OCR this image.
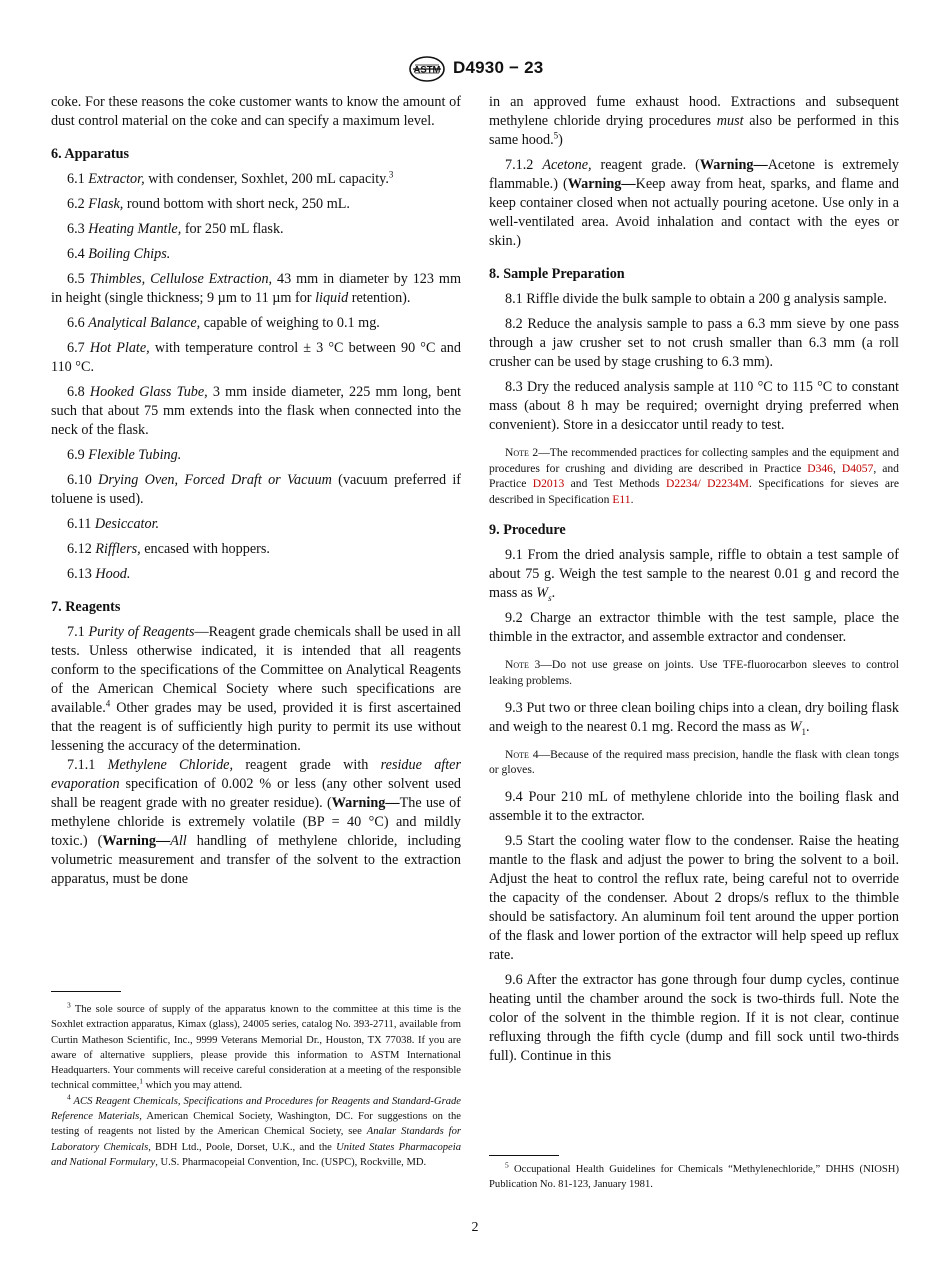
ASTM D4930 − 23

coke. For these reasons the coke customer wants to know the amount of dust control material on the coke and can specify a maximum level.

6. Apparatus

6.1 Extractor, with condenser, Soxhlet, 200 mL capacity.$^3$

6.2 Flask, round bottom with short neck, 250 mL.

6.3 Heating Mantle, for 250 mL flask.

6.4 Boiling Chips.

6.5 Thimbles, Cellulose Extraction, 43 mm in diameter by 123 mm in height (single thickness; 9 µm to 11 µm for liquid retention).

6.6 Analytical Balance, capable of weighing to 0.1 mg.

6.7 Hot Plate, with temperature control ± 3 °C between 90 °C and 110 °C.

6.8 Hooked Glass Tube, 3 mm inside diameter, 225 mm long, bent such that about 75 mm extends into the flask when connected into the neck of the flask.

6.9 Flexible Tubing.

6.10 Drying Oven, Forced Draft or Vacuum (vacuum preferred if toluene is used).

6.11 Desiccator.

6.12 Rifflers, encased with hoppers.

6.13 Hood.

7. Reagents

7.1 Purity of Reagents—Reagent grade chemicals shall be used in all tests. Unless otherwise indicated, it is intended that all reagents conform to the specifications of the Committee on Analytical Reagents of the American Chemical Society where such specifications are available.$^4$ Other grades may be used, provided it is first ascertained that the reagent is of sufficiently high purity to permit its use without lessening the accuracy of the determination.

7.1.1 Methylene Chloride, reagent grade with residue after evaporation specification of 0.002 % or less (any other solvent used shall be reagent grade with no greater residue). (Warning—The use of methylene chloride is extremely volatile (BP = 40 °C) and mildly toxic.) (Warning—All handling of methylene chloride, including volumetric measurement and transfer of the solvent to the extraction apparatus, must be done

$^3$ The sole source of supply of the apparatus known to the committee at this time is the Soxhlet extraction apparatus, Kimax (glass), 24005 series, catalog No. 393-2711, available from Curtin Matheson Scientific, Inc., 9999 Veterans Memorial Dr., Houston, TX 77038. If you are aware of alternative suppliers, please provide this information to ASTM International Headquarters. Your comments will receive careful consideration at a meeting of the responsible technical committee,$^1$ which you may attend.

$^4$ ACS Reagent Chemicals, Specifications and Procedures for Reagents and Standard-Grade Reference Materials, American Chemical Society, Washington, DC. For suggestions on the testing of reagents not listed by the American Chemical Society, see Analar Standards for Laboratory Chemicals, BDH Ltd., Poole, Dorset, U.K., and the United States Pharmacopeia and National Formulary, U.S. Pharmacopeial Convention, Inc. (USPC), Rockville, MD.

in an approved fume exhaust hood. Extractions and subsequent methylene chloride drying procedures must also be performed in this same hood.$^5$)

7.1.2 Acetone, reagent grade. (Warning—Acetone is extremely flammable.) (Warning—Keep away from heat, sparks, and flame and keep container closed when not actually pouring acetone. Use only in a well-ventilated area. Avoid inhalation and contact with the eyes or skin.)

8. Sample Preparation

8.1 Riffle divide the bulk sample to obtain a 200 g analysis sample.

8.2 Reduce the analysis sample to pass a 6.3 mm sieve by one pass through a jaw crusher set to not crush smaller than 6.3 mm (a roll crusher can be used by stage crushing to 6.3 mm).

8.3 Dry the reduced analysis sample at 110 °C to 115 °C to constant mass (about 8 h may be required; overnight drying preferred when convenient). Store in a desiccator until ready to test.

Note 2—The recommended practices for collecting samples and the equipment and procedures for crushing and dividing are described in Practice D346, D4057, and Practice D2013 and Test Methods D2234/ D2234M. Specifications for sieves are described in Specification E11.

9. Procedure

9.1 From the dried analysis sample, riffle to obtain a test sample of about 75 g. Weigh the test sample to the nearest 0.01 g and record the mass as $W_s$.

9.2 Charge an extractor thimble with the test sample, place the thimble in the extractor, and assemble extractor and condenser.

Note 3—Do not use grease on joints. Use TFE-fluorocarbon sleeves to control leaking problems.

9.3 Put two or three clean boiling chips into a clean, dry boiling flask and weigh to the nearest 0.1 mg. Record the mass as $W_1$.

Note 4—Because of the required mass precision, handle the flask with clean tongs or gloves.

9.4 Pour 210 mL of methylene chloride into the boiling flask and assemble it to the extractor.

9.5 Start the cooling water flow to the condenser. Raise the heating mantle to the flask and adjust the power to bring the solvent to a boil. Adjust the heat to control the reflux rate, being careful not to override the capacity of the condenser. About 2 drops/s reflux to the thimble should be satisfactory. An aluminum foil tent around the upper portion of the flask and lower portion of the extractor will help speed up reflux rate.

9.6 After the extractor has gone through four dump cycles, continue heating until the chamber around the sock is two-thirds full. Note the color of the solvent in the thimble region. If it is not clear, continue refluxing through the fifth cycle (dump and fill sock until two-thirds full). Continue in this

$^5$ Occupational Health Guidelines for Chemicals “Methylenechloride,” DHHS (NIOSH) Publication No. 81-123, January 1981.

2
